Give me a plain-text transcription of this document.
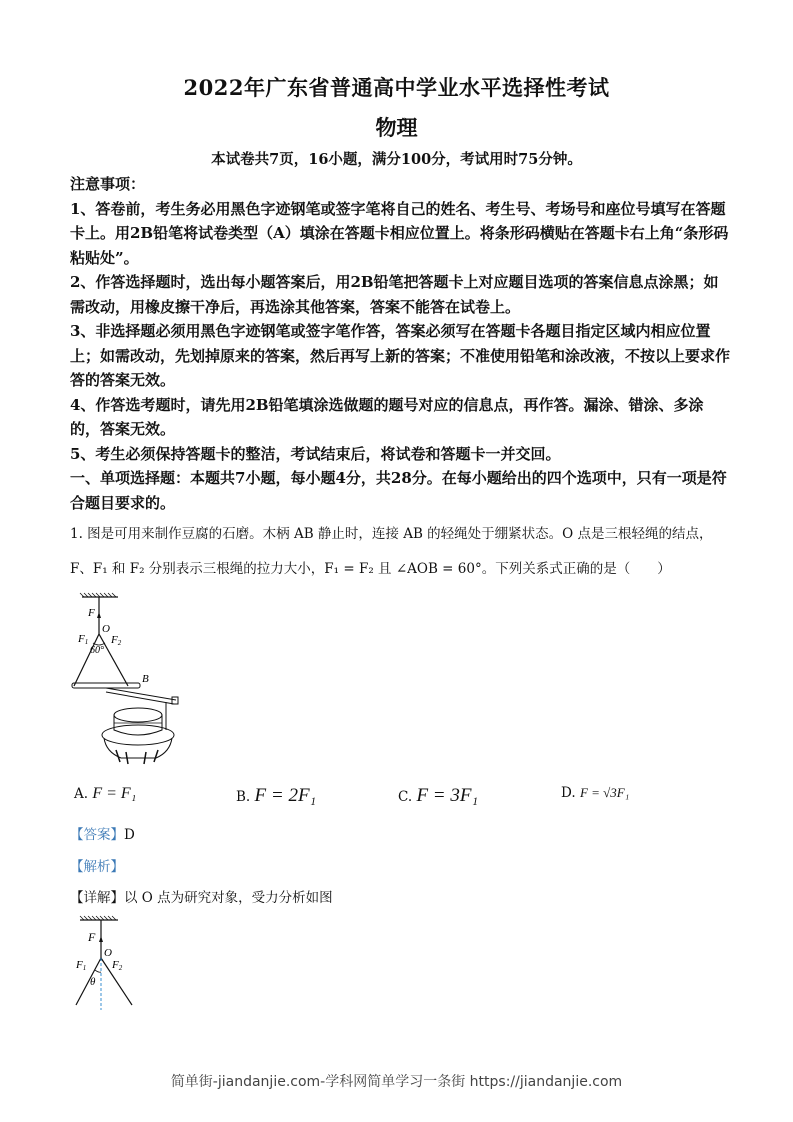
2022年广东省普通高中学业水平选择性考试
物理
本试卷共7页，16小题，满分100分，考试用时75分钟。

注意事项：

1、答卷前，考生务必用黑色字迹钢笔或签字笔将自己的姓名、考生号、考场号和座位号填写在答题卡上。用2B铅笔将试卷类型（A）填涂在答题卡相应位置上。将条形码横贴在答题卡右上角“条形码粘贴处”。

2、作答选择题时，选出每小题答案后，用2B铅笔把答题卡上对应题目选项的答案信息点涂黑；如需改动，用橡皮擦干净后，再选涂其他答案，答案不能答在试卷上。

3、非选择题必须用黑色字迹钢笔或签字笔作答，答案必须写在答题卡各题目指定区域内相应位置上；如需改动，先划掉原来的答案，然后再写上新的答案；不准使用铅笔和涂改液，不按以上要求作答的答案无效。

4、作答选考题时，请先用2B铅笔填涂选做题的题号对应的信息点，再作答。漏涂、错涂、多涂的，答案无效。

5、考生必须保持答题卡的整洁，考试结束后，将试卷和答题卡一并交回。

一、单项选择题：本题共7小题，每小题4分，共28分。在每小题给出的四个选项中，只有一项是符合题目要求的。

1. 图是可用来制作豆腐的石磨。木柄 AB 静止时，连接 AB 的轻绳处于绷紧状态。O 点是三根轻绳的结点，
F、F₁ 和 F₂ 分别表示三根绳的拉力大小，F₁ = F₂ 且 ∠AOB = 60°。下列关系式正确的是（　　）
F
O
F1 F2
60°
B
A. F = F₁	B. F = 2F₁	C. F = 3F₁	D. F = √3F₁
【答案】D
【解析】
【详解】以 O 点为研究对象，受力分析如图
F
O
F1 F2
θ
简单街-jiandanjie.com-学科网简单学习一条街 https://jiandanjie.com
